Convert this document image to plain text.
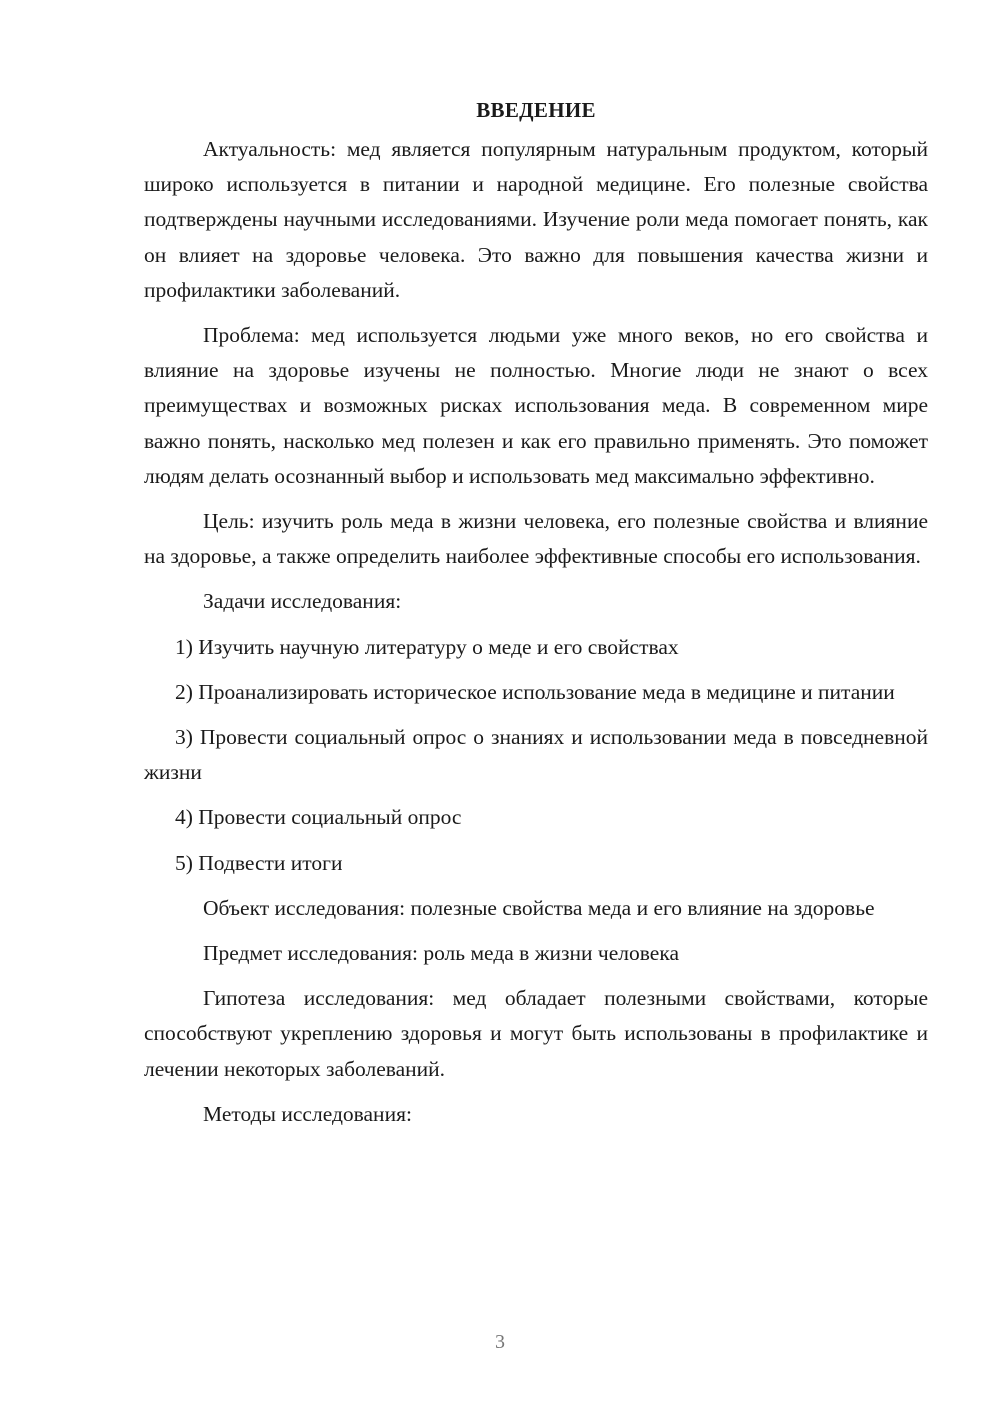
ВВЕДЕНИЕ

Актуальность: мед является популярным натуральным продуктом, который широко используется в питании и народной медицине. Его полезные свойства подтверждены научными исследованиями. Изучение роли меда помогает понять, как он влияет на здоровье человека. Это важно для повышения качества жизни и профилактики заболеваний.

Проблема: мед используется людьми уже много веков, но его свойства и влияние на здоровье изучены не полностью. Многие люди не знают о всех преимуществах и возможных рисках использования меда. В современном мире важно понять, насколько мед полезен и как его правильно применять. Это поможет людям делать осознанный выбор и использовать мед максимально эффективно.

Цель: изучить роль меда в жизни человека, его полезные свойства и влияние на здоровье, а также определить наиболее эффективные способы его использования.

Задачи исследования:

1) Изучить научную литературу о меде и его свойствах

2) Проанализировать историческое использование меда в медицине и питании

3) Провести социальный опрос о знаниях и использовании меда в повседневной жизни

4) Провести социальный опрос

5) Подвести итоги

Объект исследования: полезные свойства меда и его влияние на здоровье

Предмет исследования: роль меда в жизни человека

Гипотеза исследования: мед обладает полезными свойствами, которые способствуют укреплению здоровья и могут быть использованы в профилактике и лечении некоторых заболеваний.

Методы исследования:

3
